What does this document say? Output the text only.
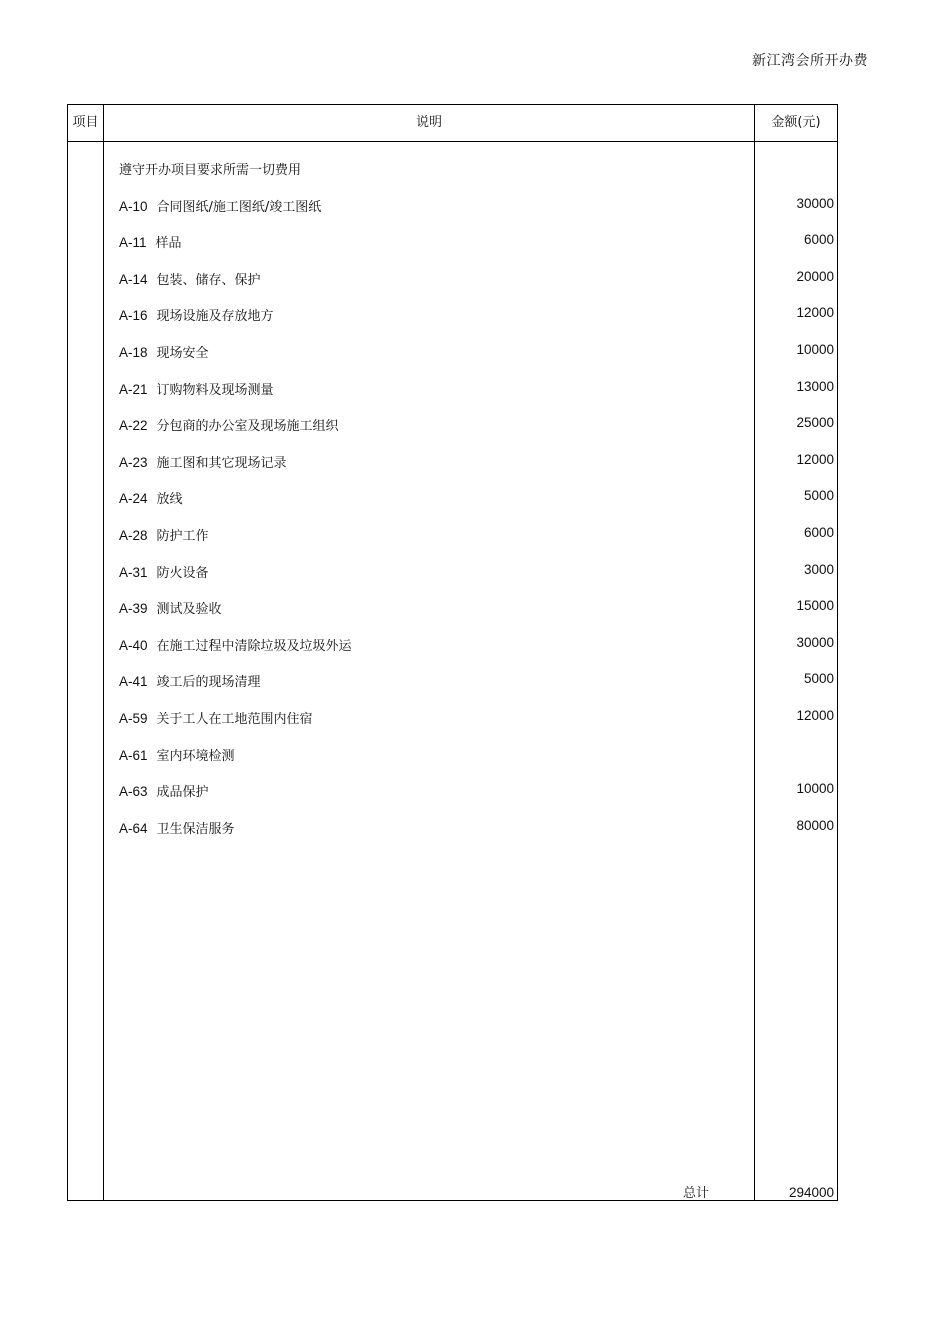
新江湾会所开办费
项目	说明	金额(元)
遵守开办项目要求所需一切费用
A-10 合同图纸/施工图纸/竣工图纸	30000
A-11 样品	6000
A-14 包装、储存、保护	20000
A-16 现场设施及存放地方	12000
A-18 现场安全	10000
A-21 订购物料及现场测量	13000
A-22 分包商的办公室及现场施工组织	25000
A-23 施工图和其它现场记录	12000
A-24 放线	5000
A-28 防护工作	6000
A-31 防火设备	3000
A-39 测试及验收	15000
A-40 在施工过程中清除垃圾及垃圾外运	30000
A-41 竣工后的现场清理	5000
A-59 关于工人在工地范围内住宿	12000
A-61 室内环境检测
A-63 成品保护	10000
A-64 卫生保洁服务	80000
总计	294000
